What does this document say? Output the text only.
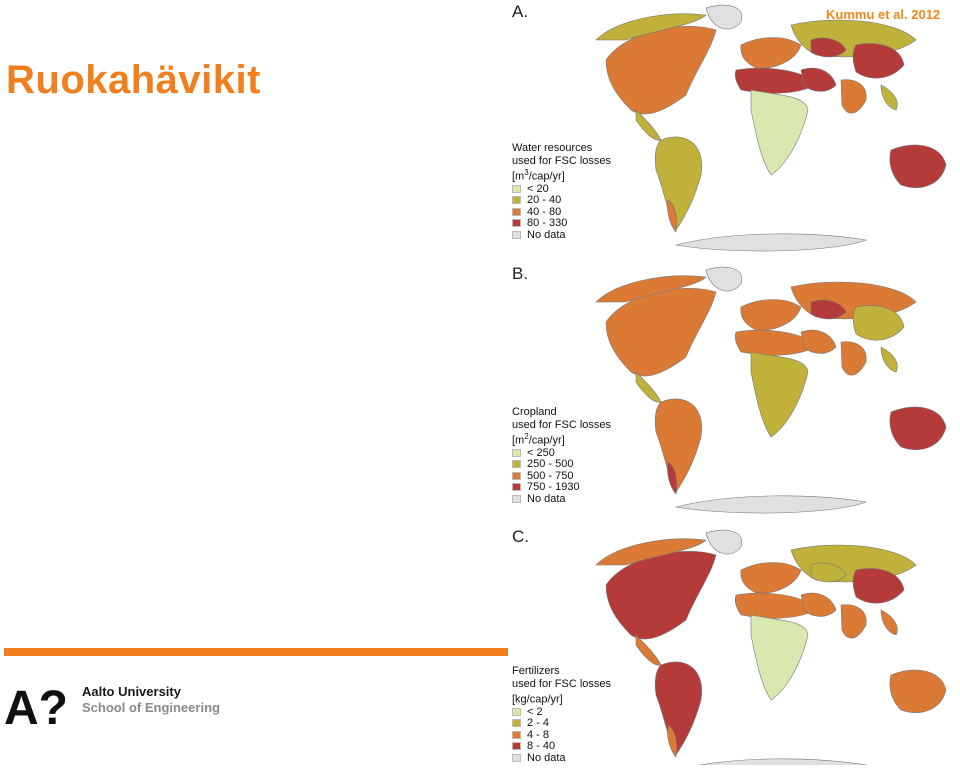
Ruokahävikit
Kummu et al. 2012
A? Aalto University
School of Engineering
A.
Water resources
used for FSC losses
$[m^3/cap/yr]$
< 20
20 - 40
40 - 80
80 - 330
No data
B.
Cropland
used for FSC losses
$[m^2/cap/yr]$
< 250
250 - 500
500 - 750
750 - 1930
No data
C.
Fertilizers
used for FSC losses
[kg/cap/yr]
< 2
2 - 4
4 - 8
8 - 40
No data
